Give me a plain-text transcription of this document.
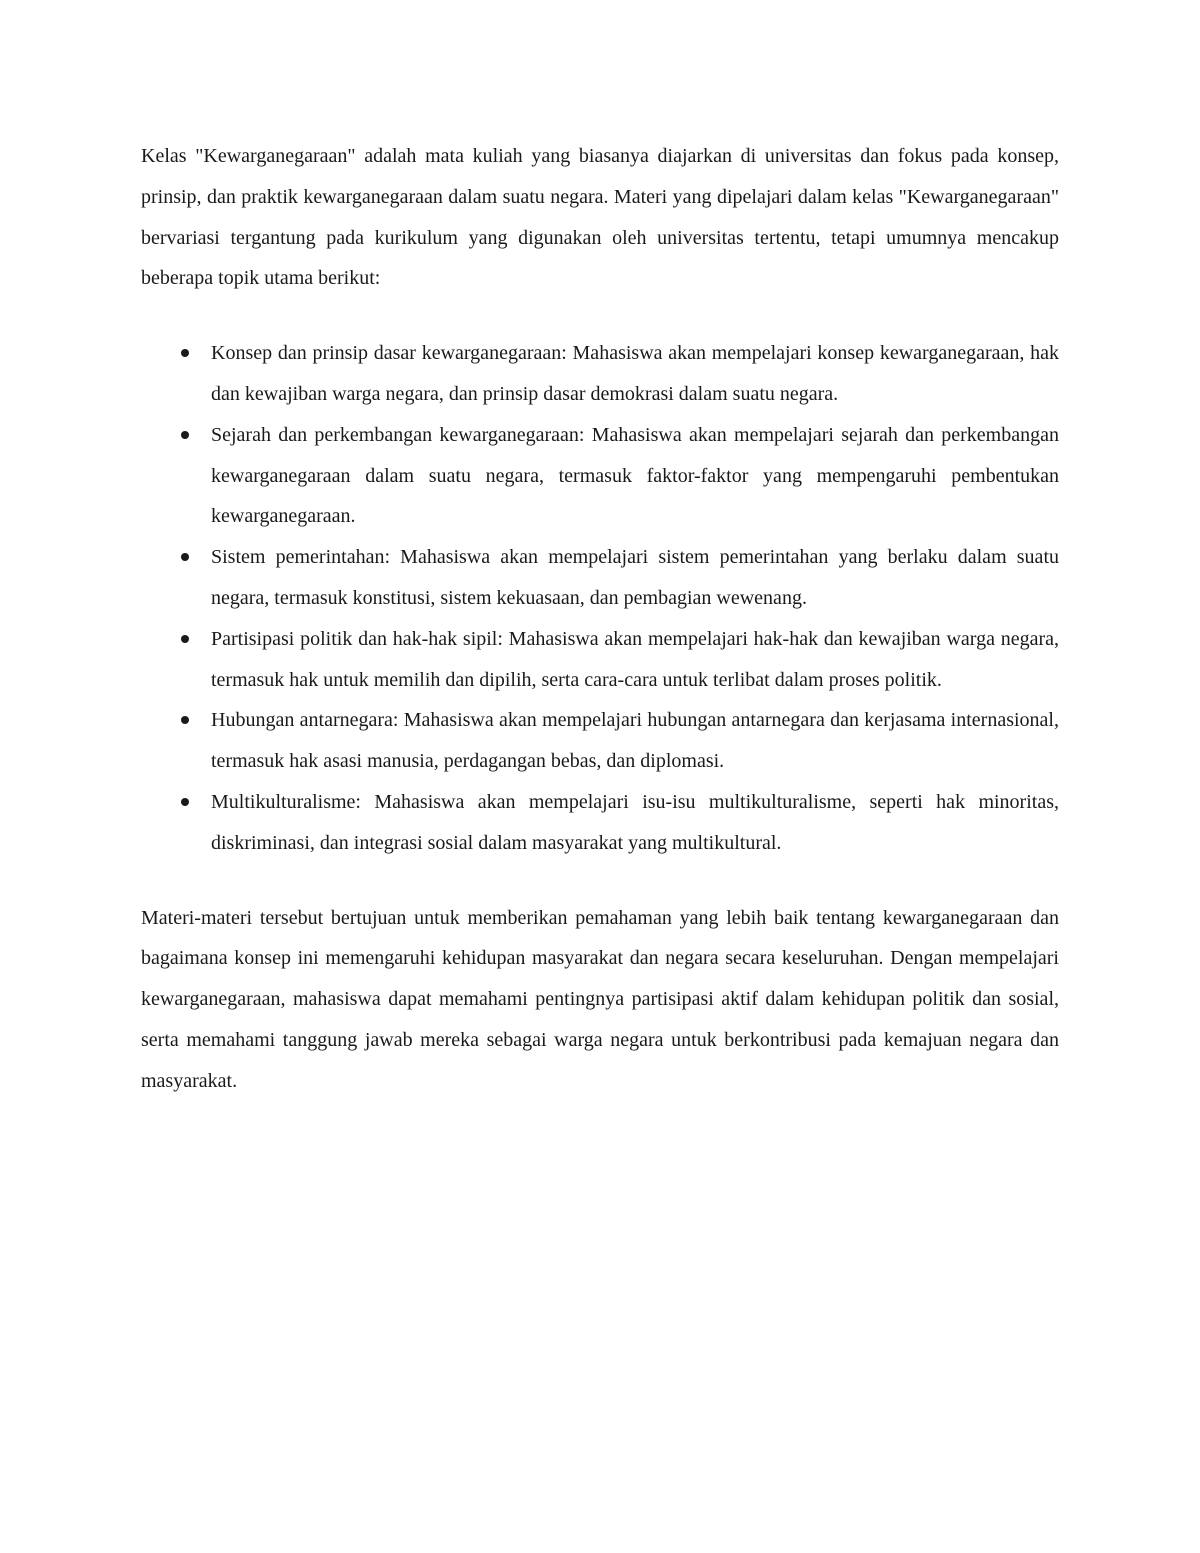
Kelas "Kewarganegaraan" adalah mata kuliah yang biasanya diajarkan di universitas dan fokus pada konsep, prinsip, dan praktik kewarganegaraan dalam suatu negara. Materi yang dipelajari dalam kelas "Kewarganegaraan" bervariasi tergantung pada kurikulum yang digunakan oleh universitas tertentu, tetapi umumnya mencakup beberapa topik utama berikut:

Konsep dan prinsip dasar kewarganegaraan: Mahasiswa akan mempelajari konsep kewarganegaraan, hak dan kewajiban warga negara, dan prinsip dasar demokrasi dalam suatu negara.
Sejarah dan perkembangan kewarganegaraan: Mahasiswa akan mempelajari sejarah dan perkembangan kewarganegaraan dalam suatu negara, termasuk faktor-faktor yang mempengaruhi pembentukan kewarganegaraan.
Sistem pemerintahan: Mahasiswa akan mempelajari sistem pemerintahan yang berlaku dalam suatu negara, termasuk konstitusi, sistem kekuasaan, dan pembagian wewenang.
Partisipasi politik dan hak-hak sipil: Mahasiswa akan mempelajari hak-hak dan kewajiban warga negara, termasuk hak untuk memilih dan dipilih, serta cara-cara untuk terlibat dalam proses politik.
Hubungan antarnegara: Mahasiswa akan mempelajari hubungan antarnegara dan kerjasama internasional, termasuk hak asasi manusia, perdagangan bebas, dan diplomasi.
Multikulturalisme: Mahasiswa akan mempelajari isu-isu multikulturalisme, seperti hak minoritas, diskriminasi, dan integrasi sosial dalam masyarakat yang multikultural.

Materi-materi tersebut bertujuan untuk memberikan pemahaman yang lebih baik tentang kewarganegaraan dan bagaimana konsep ini memengaruhi kehidupan masyarakat dan negara secara keseluruhan. Dengan mempelajari kewarganegaraan, mahasiswa dapat memahami pentingnya partisipasi aktif dalam kehidupan politik dan sosial, serta memahami tanggung jawab mereka sebagai warga negara untuk berkontribusi pada kemajuan negara dan masyarakat.
